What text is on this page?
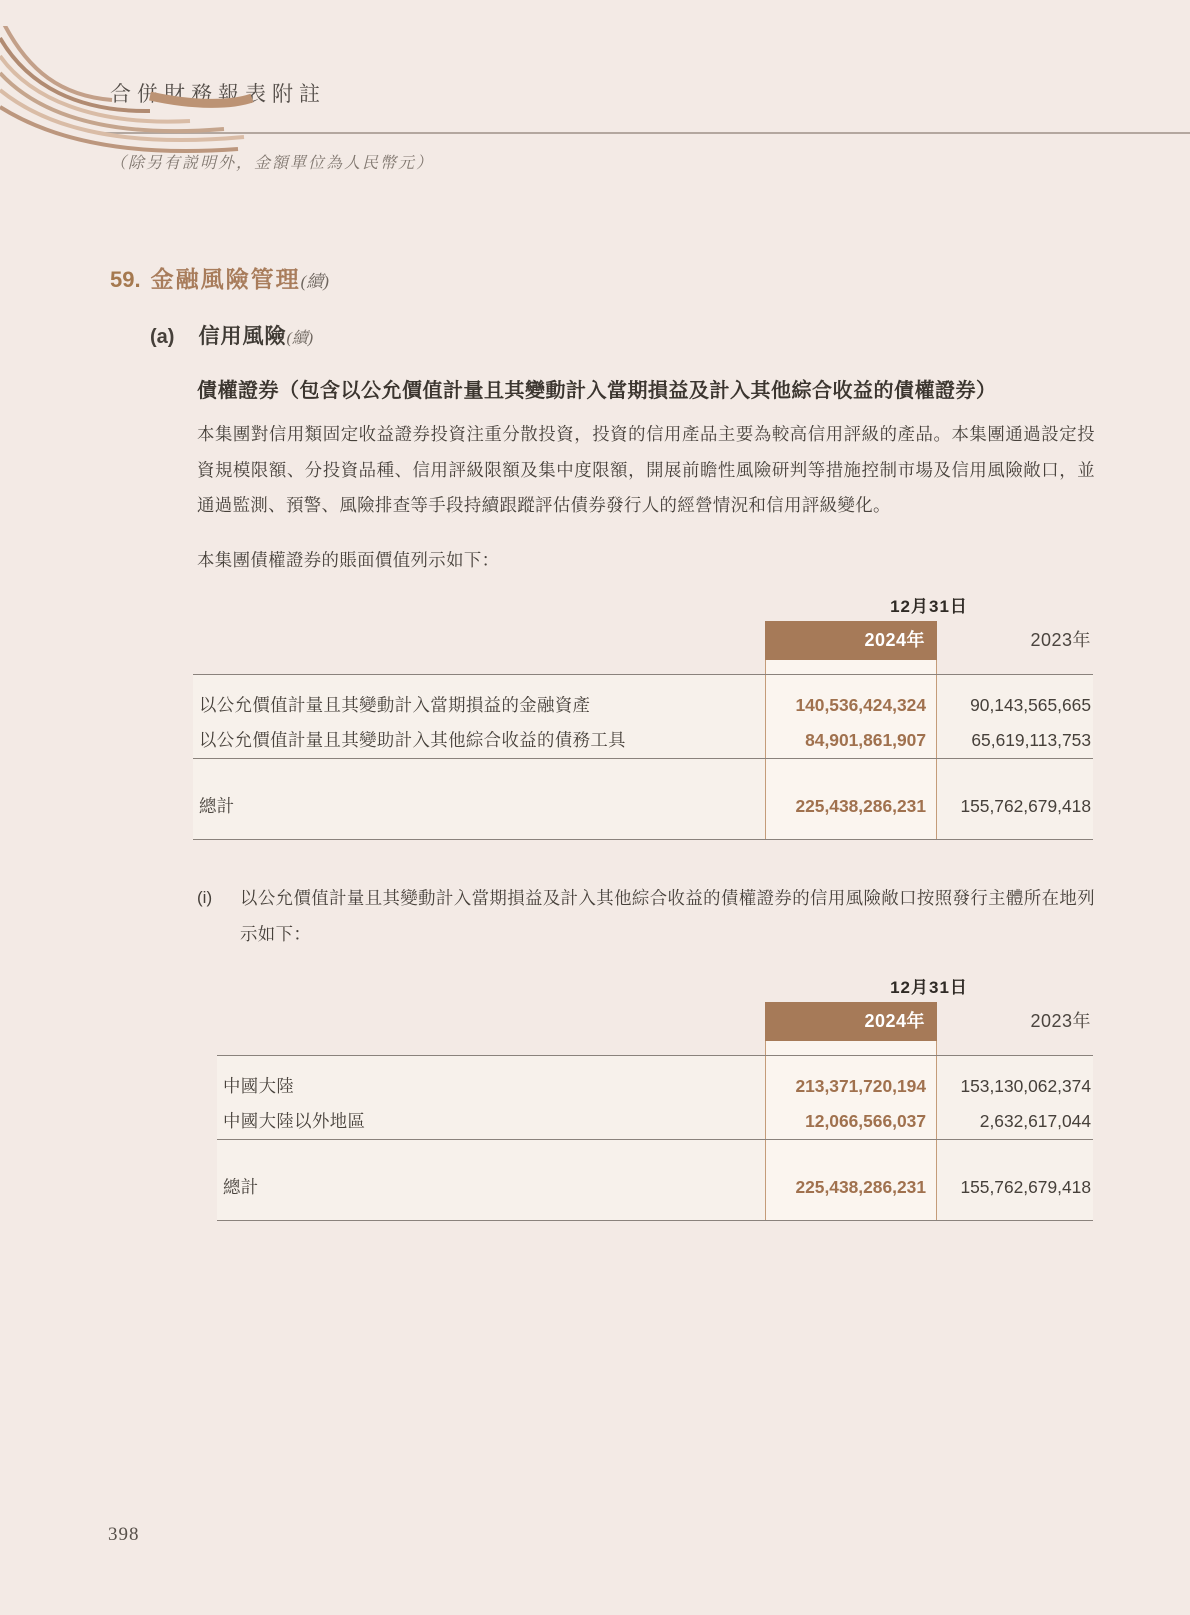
合併財務報表附註
（除另有説明外，金額單位為人民幣元）
59. 金融風險管理(續)
(a) 信用風險(續)
債權證券（包含以公允價值計量且其變動計入當期損益及計入其他綜合收益的債權證券）

本集團對信用類固定收益證券投資注重分散投資，投資的信用產品主要為較高信用評級的產品。本集團通過設定投資規模限額、分投資品種、信用評級限額及集中度限額，開展前瞻性風險研判等措施控制市場及信用風險敞口，並通過監測、預警、風險排查等手段持續跟蹤評估債券發行人的經營情況和信用評級變化。

本集團債權證券的賬面價值列示如下：

12月31日
2024年	2023年
以公允價值計量且其變動計入當期損益的金融資產	140,536,424,324	90,143,565,665
以公允價值計量且其變助計入其他綜合收益的債務工具	84,901,861,907	65,619,113,753
總計	225,438,286,231	155,762,679,418
(i)	以公允價值計量且其變動計入當期損益及計入其他綜合收益的債權證券的信用風險敞口按照發行主體所在地列示如下：
12月31日
2024年	2023年
中國大陸	213,371,720,194	153,130,062,374
中國大陸以外地區	12,066,566,037	2,632,617,044
總計	225,438,286,231	155,762,679,418
398
